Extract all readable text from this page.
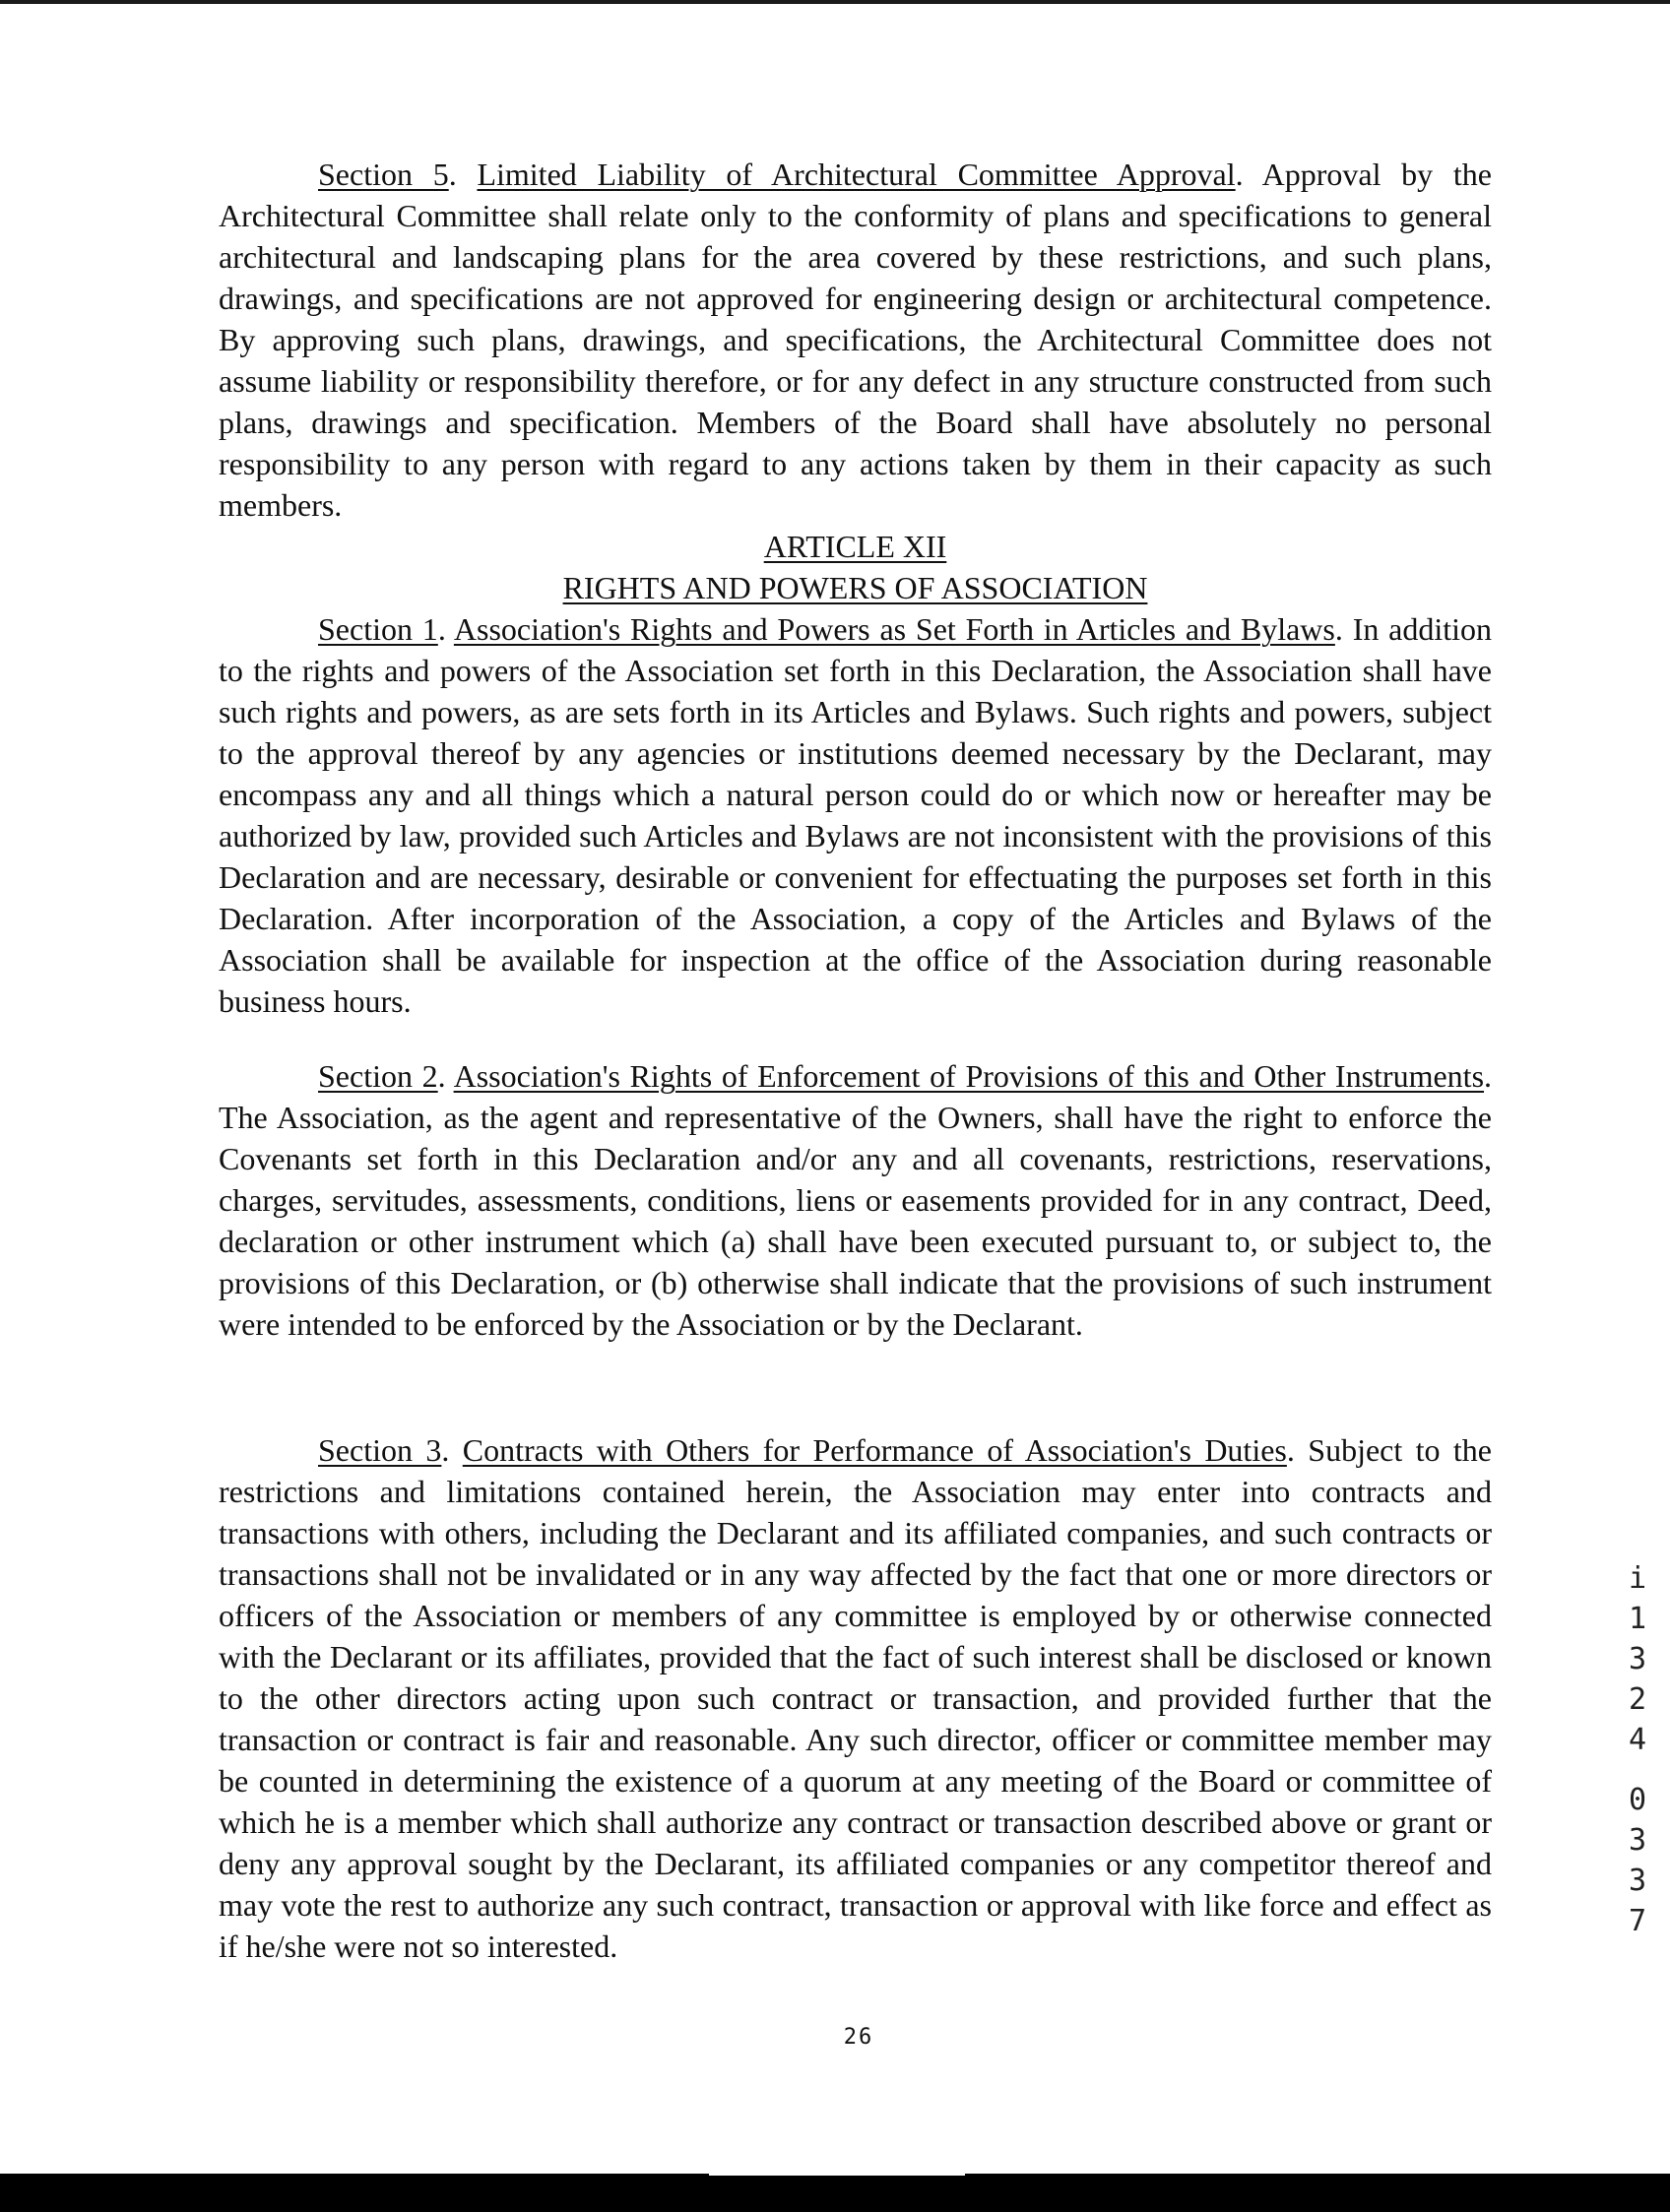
Section 5. Limited Liability of Architectural Committee Approval. Approval by the Architectural Committee shall relate only to the conformity of plans and specifications to general architectural and landscaping plans for the area covered by these restrictions, and such plans, drawings, and specifications are not approved for engineering design or architectural competence. By approving such plans, drawings, and specifications, the Architectural Committee does not assume liability or responsibility therefore, or for any defect in any structure constructed from such plans, drawings and specification. Members of the Board shall have absolutely no personal responsibility to any person with regard to any actions taken by them in their capacity as such members.

ARTICLE XII

RIGHTS AND POWERS OF ASSOCIATION

Section 1. Association's Rights and Powers as Set Forth in Articles and Bylaws. In addition to the rights and powers of the Association set forth in this Declaration, the Association shall have such rights and powers, as are sets forth in its Articles and Bylaws. Such rights and powers, subject to the approval thereof by any agencies or institutions deemed necessary by the Declarant, may encompass any and all things which a natural person could do or which now or hereafter may be authorized by law, provided such Articles and Bylaws are not inconsistent with the provisions of this Declaration and are necessary, desirable or convenient for effectuating the purposes set forth in this Declaration. After incorporation of the Association, a copy of the Articles and Bylaws of the Association shall be available for inspection at the office of the Association during reasonable business hours.

Section 2. Association's Rights of Enforcement of Provisions of this and Other Instruments. The Association, as the agent and representative of the Owners, shall have the right to enforce the Covenants set forth in this Declaration and/or any and all covenants, restrictions, reservations, charges, servitudes, assessments, conditions, liens or easements provided for in any contract, Deed, declaration or other instrument which (a) shall have been executed pursuant to, or subject to, the provisions of this Declaration, or (b) otherwise shall indicate that the provisions of such instrument were intended to be enforced by the Association or by the Declarant.

Section 3. Contracts with Others for Performance of Association's Duties. Subject to the restrictions and limitations contained herein, the Association may enter into contracts and transactions with others, including the Declarant and its affiliated companies, and such contracts or transactions shall not be invalidated or in any way affected by the fact that one or more directors or officers of the Association or members of any committee is employed by or otherwise connected with the Declarant or its affiliates, provided that the fact of such interest shall be disclosed or known to the other directors acting upon such contract or transaction, and provided further that the transaction or contract is fair and reasonable. Any such director, officer or committee member may be counted in determining the existence of a quorum at any meeting of the Board or committee of which he is a member which shall authorize any contract or transaction described above or grant or deny any approval sought by the Declarant, its affiliated companies or any competitor thereof and may vote the rest to authorize any such contract, transaction or approval with like force and effect as if he/she were not so interested.

26
i
1
3
2
4
0
3
3
7
